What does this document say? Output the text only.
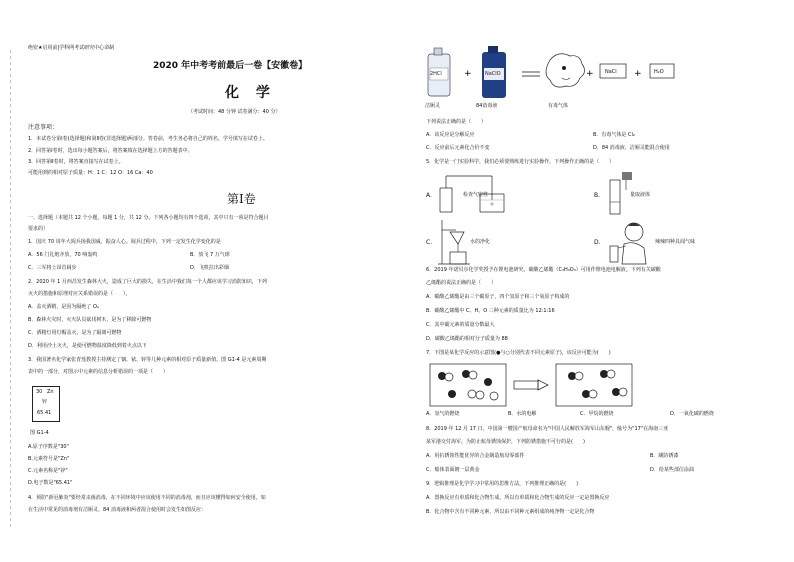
绝密★启用前|学科网考试研究中心命制
2020 年中考考前最后一卷【安徽卷】
化 学
（考试时间：48 分钟 试卷满分：40 分）
注意事项：
1．本试卷分第Ⅰ卷(选择题)和第Ⅱ卷(非选择题)两部分。答卷前，考生务必将自己的姓名、学号填写在试卷上。
2．回答第Ⅰ卷时，选出每小题答案后，将答案填在选择题上方的答题表中。
3．回答第Ⅱ卷时，将答案直接写在试卷上。
可能用到的相对原子质量：H：1 C：12 O：16 Ca：40
第Ⅰ卷
一、选择题（本题共 12 个小题，每题 1 分，共 12 分。下列各小题均有四个选项，其中只有一项是符合题目
要求的）
1．国庆 70 周年大阅兵扬我国威，振奋人心。阅兵过程中，下列一定发生化学变化的是
A．56 门礼炮齐放，70 响轰鸣	B．放飞 7 万气球
C．三军将士昂首阔步	D．飞机拉出彩烟
2．2020 年 1 月西昌发生森林大火，造成了巨大的损失，在生活中我们每一个人都应该学习消防知识，下列
灭火的措施和原理对应关系错误的是（　　）。
A．盖灭酒精，是因为隔绝了 O₂
B．森林火灾时，灭火队员砍伐树木，是为了移除可燃物
C．酒精灯用灯帽盖灭，是为了隔离可燃物
D．利用沙土灭火，是使可燃物温度降低到着火点以下
3．我国著名化学家张青莲教授主持测定了铟、铱、锌等几种元素的相对原子质量新值。图 G1-4 是元素周期
表中的一部分，对图示中元素的信息分析错误的一项是（　　）
30 Zn
锌
65.41
图 G1-4
A.原子序数是"30"
B.元素符号是"Zn"
C.元素名称是"锌"
D.电子数是"65.41"
4．预防"新冠肺炎"要经常杀菌消毒，在不同环境中应该使用不同的消毒剂，而且应该懂得如何安全使用，如
在生活中常见的消毒剂有洁厕灵、84 消毒液和两者混合使用时会发生如图反应：
+	+	+
2HCl	NaClO	NaCl	H₂O
洁厕灵	84消毒液	有毒气体
下列说法正确的是（　　）
A．该反应是分解反应	B．有毒气体是 Cl₂
C．反应前后元素化合价不变	D．84 消毒液、洁厕灵能混合使用
5．化学是一门实验科学，我们必须要熟练进行实验操作，下列操作正确的是（　　）
A.	检查气密性	B.	量取液体
C.	水的净化	D.	辣辣四种具闻气味
6．2019 年诺贝尔化学奖授予在锂电池研究，碳酸乙烯酯（C₃H₄O₃）可用作锂电池电解液。下列有关碳酸
乙烯酯的说法正确的是（　　）
A．碳酸乙烯酯是由三个碳原子，四个氢原子和三个氧原子构成的
B．碳酸乙烯酯中 C、H、O 三种元素的质量比为 12:1:16
C．其中碳元素的质量分数最大
D．碳酸乙烯酯的相对分子质量为 88
7．下图是某化学反应的示意图(●与○分别代表不同元素原子)，该反应可能为(　　)
A．氢气的燃烧	B．水的电解	C．甲烷的燃烧	D．一氧化碳的燃烧
8．2019 年 12 月 17 日，中国第一艘国产航母命名为"中国人民解放军海军山东舰"，舷号为"17"在海南三亚
某军港交付海军。为防止航母锈蚀保护，下列防锈措施不可行的是(　　)
A．用抗锈蚀性能优异的合金制造航母零部件	B．刷防锈漆
C．船体表面镀一层黄金	D．给某些部位涂油
9．逻辑推理是化学学习中常用的思维方法，下列推理正确的是(　　)
A．置换反应有单质和化合物生成，所以有单质和化合物生成的反应一定是置换反应
B．化合物中含有不同种元素，所以由不同种元素组成的纯净物一定是化合物
